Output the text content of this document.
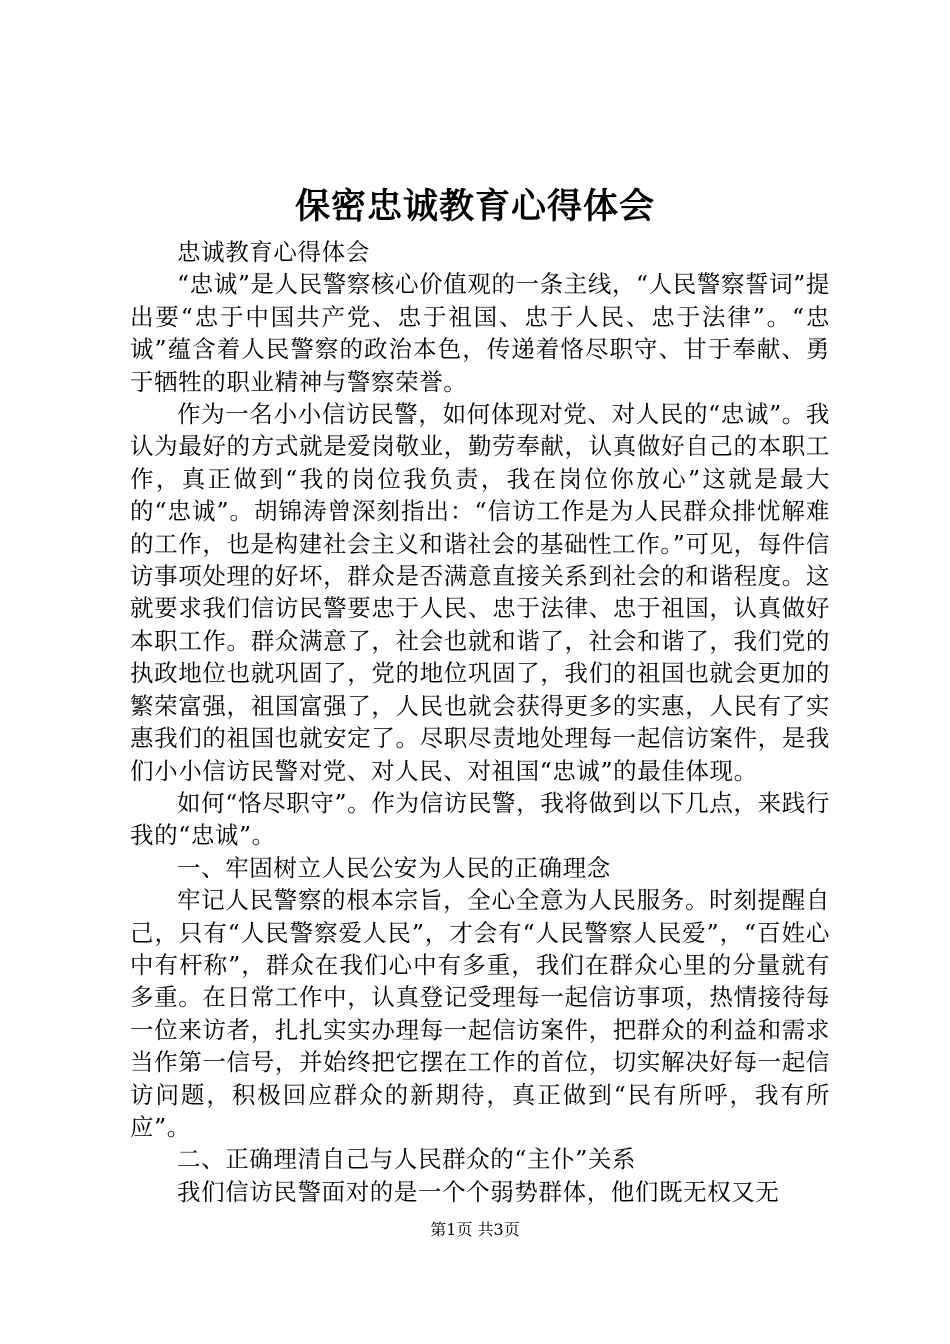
保密忠诚教育心得体会

忠诚教育心得体会

“忠诚”是人民警察核心价值观的一条主线，“人民警察誓词”提出要“忠于中国共产党、忠于祖国、忠于人民、忠于法律”。“忠诚”蕴含着人民警察的政治本色，传递着恪尽职守、甘于奉献、勇于牺牲的职业精神与警察荣誉。

作为一名小小信访民警，如何体现对党、对人民的“忠诚”。我认为最好的方式就是爱岗敬业，勤劳奉献，认真做好自己的本职工作，真正做到“我的岗位我负责，我在岗位你放心”这就是最大的“忠诚”。胡锦涛曾深刻指出：“信访工作是为人民群众排忧解难的工作，也是构建社会主义和谐社会的基础性工作。”可见，每件信访事项处理的好坏，群众是否满意直接关系到社会的和谐程度。这就要求我们信访民警要忠于人民、忠于法律、忠于祖国，认真做好本职工作。群众满意了，社会也就和谐了，社会和谐了，我们党的执政地位也就巩固了，党的地位巩固了，我们的祖国也就会更加的繁荣富强，祖国富强了，人民也就会获得更多的实惠，人民有了实惠我们的祖国也就安定了。尽职尽责地处理每一起信访案件，是我们小小信访民警对党、对人民、对祖国“忠诚”的最佳体现。

如何“恪尽职守”。作为信访民警，我将做到以下几点，来践行我的“忠诚”。

一、牢固树立人民公安为人民的正确理念

牢记人民警察的根本宗旨，全心全意为人民服务。时刻提醒自己，只有“人民警察爱人民”，才会有“人民警察人民爱”，“百姓心中有杆称”，群众在我们心中有多重，我们在群众心里的分量就有多重。在日常工作中，认真登记受理每一起信访事项，热情接待每一位来访者，扎扎实实办理每一起信访案件，把群众的利益和需求当作第一信号，并始终把它摆在工作的首位，切实解决好每一起信访问题，积极回应群众的新期待，真正做到“民有所呼，我有所应”。

二、正确理清自己与人民群众的“主仆”关系

我们信访民警面对的是一个个弱势群体，他们既无权又无

第1页 共3页
